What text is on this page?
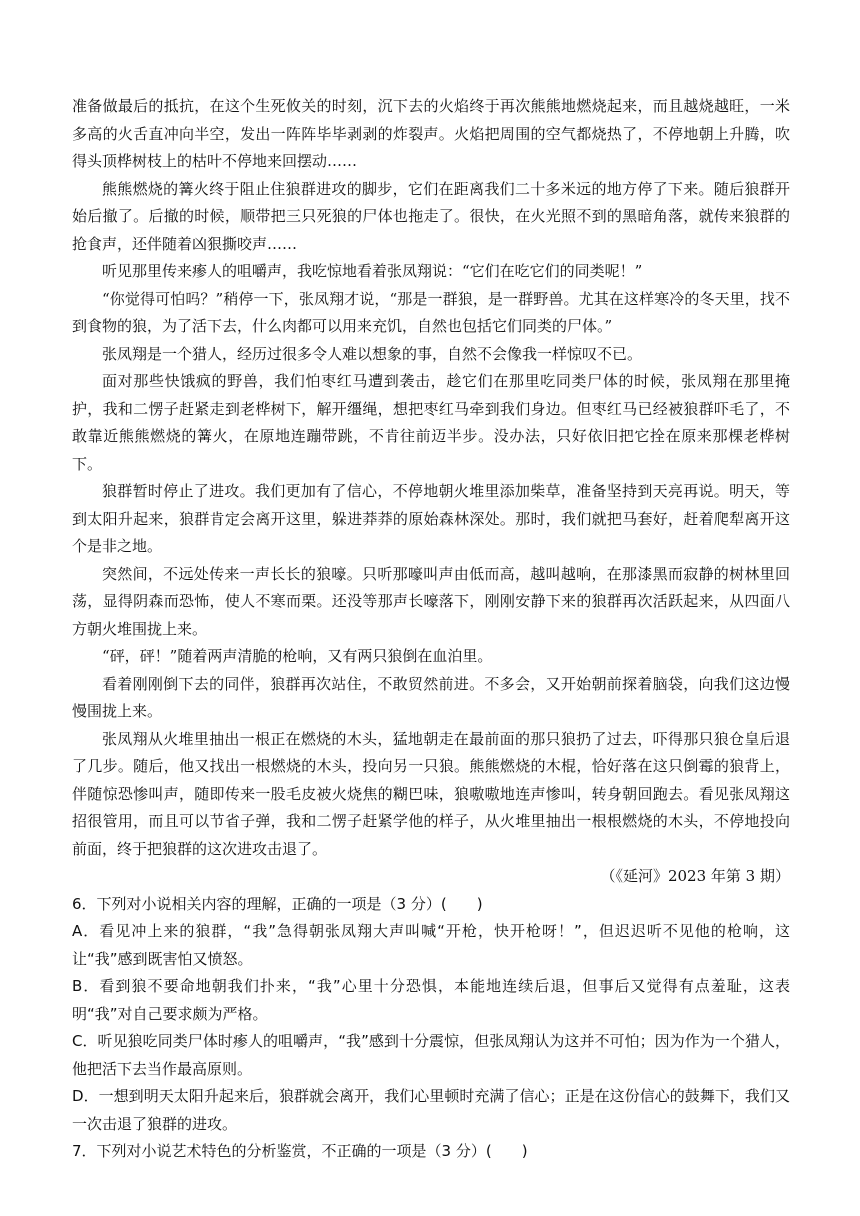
准备做最后的抵抗，在这个生死攸关的时刻，沉下去的火焰终于再次熊熊地燃烧起来，而且越烧越旺，一米多高的火舌直冲向半空，发出一阵阵毕毕剥剥的炸裂声。火焰把周围的空气都烧热了，不停地朝上升腾，吹得头顶桦树枝上的枯叶不停地来回摆动……

熊熊燃烧的篝火终于阻止住狼群进攻的脚步，它们在距离我们二十多米远的地方停了下来。随后狼群开始后撤了。后撤的时候，顺带把三只死狼的尸体也拖走了。很快，在火光照不到的黑暗角落，就传来狼群的抢食声，还伴随着凶狠撕咬声……

听见那里传来瘆人的咀嚼声，我吃惊地看着张凤翔说：“它们在吃它们的同类呢！”

“你觉得可怕吗？”稍停一下，张凤翔才说，“那是一群狼，是一群野兽。尤其在这样寒冷的冬天里，找不到食物的狼，为了活下去，什么肉都可以用来充饥，自然也包括它们同类的尸体。”

张凤翔是一个猎人，经历过很多令人难以想象的事，自然不会像我一样惊叹不已。

面对那些快饿疯的野兽，我们怕枣红马遭到袭击，趁它们在那里吃同类尸体的时候，张凤翔在那里掩护，我和二愣子赶紧走到老桦树下，解开缰绳，想把枣红马牵到我们身边。但枣红马已经被狼群吓毛了，不敢靠近熊熊燃烧的篝火，在原地连蹦带跳，不肯往前迈半步。没办法，只好依旧把它拴在原来那棵老桦树下。

狼群暂时停止了进攻。我们更加有了信心，不停地朝火堆里添加柴草，准备坚持到天亮再说。明天，等到太阳升起来，狼群肯定会离开这里，躲进莽莽的原始森林深处。那时，我们就把马套好，赶着爬犁离开这个是非之地。

突然间，不远处传来一声长长的狼嚎。只听那嚎叫声由低而高，越叫越响，在那漆黑而寂静的树林里回荡，显得阴森而恐怖，使人不寒而栗。还没等那声长嚎落下，刚刚安静下来的狼群再次活跃起来，从四面八方朝火堆围拢上来。

“砰，砰！”随着两声清脆的枪响，又有两只狼倒在血泊里。

看着刚刚倒下去的同伴，狼群再次站住，不敢贸然前进。不多会，又开始朝前探着脑袋，向我们这边慢慢围拢上来。

张凤翔从火堆里抽出一根正在燃烧的木头，猛地朝走在最前面的那只狼扔了过去，吓得那只狼仓皇后退了几步。随后，他又找出一根燃烧的木头，投向另一只狼。熊熊燃烧的木棍，恰好落在这只倒霉的狼背上，伴随惊恐惨叫声，随即传来一股毛皮被火烧焦的糊巴味，狼嗷嗷地连声惨叫，转身朝回跑去。看见张凤翔这招很管用，而且可以节省子弹，我和二愣子赶紧学他的样子，从火堆里抽出一根根燃烧的木头，不停地投向前面，终于把狼群的这次进攻击退了。

（《延河》2023 年第 3 期）

6．下列对小说相关内容的理解，正确的一项是（3 分）(　　)

A．看见冲上来的狼群，“我”急得朝张凤翔大声叫喊“开枪，快开枪呀！”，但迟迟听不见他的枪响，这让“我”感到既害怕又愤怒。

B．看到狼不要命地朝我们扑来，“我”心里十分恐惧，本能地连续后退，但事后又觉得有点羞耻，这表明“我”对自己要求颇为严格。

C．听见狼吃同类尸体时瘆人的咀嚼声，“我”感到十分震惊，但张凤翔认为这并不可怕；因为作为一个猎人，他把活下去当作最高原则。

D．一想到明天太阳升起来后，狼群就会离开，我们心里顿时充满了信心；正是在这份信心的鼓舞下，我们又一次击退了狼群的进攻。

7．下列对小说艺术特色的分析鉴赏，不正确的一项是（3 分）(　　)
